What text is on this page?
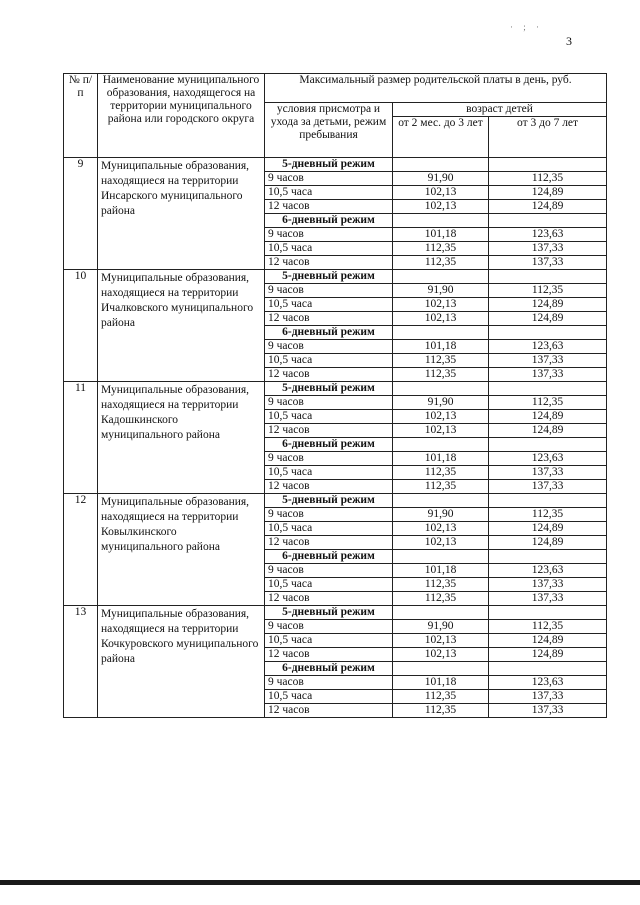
· ; ·
3
№ п/п	Наименование муниципального образования, находящегося на территории муниципального района или городского округа	Максимальный размер родительской платы в день, руб.		
		условия присмотра и ухода за детьми, режим пребывания	возраст детей	
			от 2 мес. до 3 лет	от 3 до 7 лет
9	Муниципальные образования, находящиеся на территории Инсарского муниципального района	5-дневный режим		
		9 часов	91,90	112,35
		10,5 часа	102,13	124,89
		12 часов	102,13	124,89
		6-дневный режим		
		9 часов	101,18	123,63
		10,5 часа	112,35	137,33
		12 часов	112,35	137,33
10	Муниципальные образования, находящиеся на территории Ичалковского муниципального района	5-дневный режим		
		9 часов	91,90	112,35
		10,5 часа	102,13	124,89
		12 часов	102,13	124,89
		6-дневный режим		
		9 часов	101,18	123,63
		10,5 часа	112,35	137,33
		12 часов	112,35	137,33
11	Муниципальные образования, находящиеся на территории Кадошкинского муниципального района	5-дневный режим		
		9 часов	91,90	112,35
		10,5 часа	102,13	124,89
		12 часов	102,13	124,89
		6-дневный режим		
		9 часов	101,18	123,63
		10,5 часа	112,35	137,33
		12 часов	112,35	137,33
12	Муниципальные образования, находящиеся на территории Ковылкинского муниципального района	5-дневный режим		
		9 часов	91,90	112,35
		10,5 часа	102,13	124,89
		12 часов	102,13	124,89
		6-дневный режим		
		9 часов	101,18	123,63
		10,5 часа	112,35	137,33
		12 часов	112,35	137,33
13	Муниципальные образования, находящиеся на территории Кочкуровского муниципального района	5-дневный режим		
		9 часов	91,90	112,35
		10,5 часа	102,13	124,89
		12 часов	102,13	124,89
		6-дневный режим		
		9 часов	101,18	123,63
		10,5 часа	112,35	137,33
		12 часов	112,35	137,33
